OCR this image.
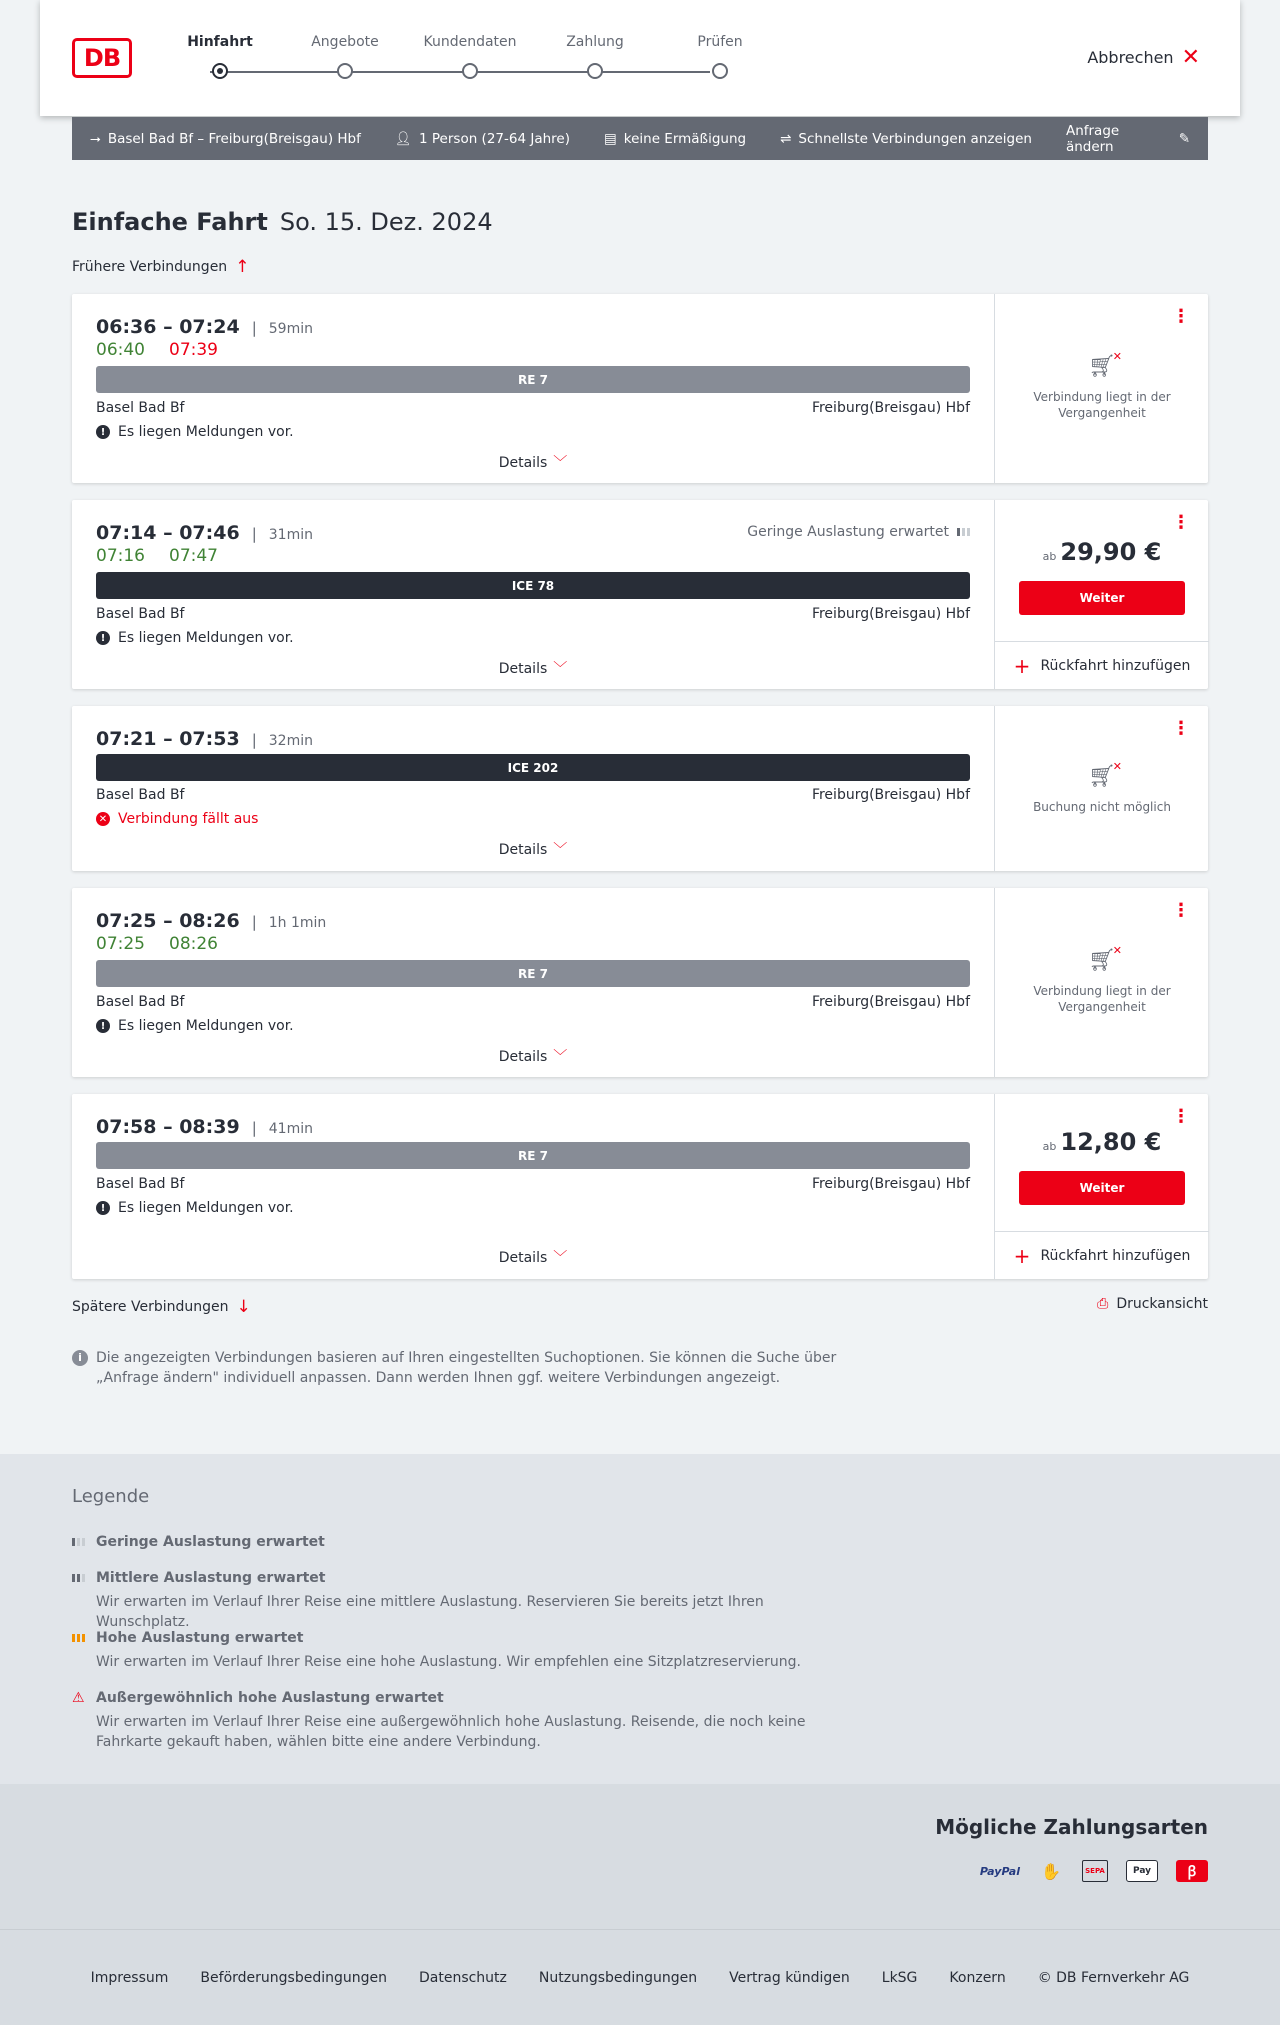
DB
Hinfahrt	Angebote	Kundendaten	Zahlung	Prüfen
Abbrechen ✕
⭢ Basel Bad Bf – Freiburg(Breisgau) Hbf	👤︎ 1 Person (27-64 Jahre)	▤ keine Ermäßigung	⇌ Schnellste Verbindungen anzeigen	Anfrage ändern	✎
Einfache Fahrt So. 15. Dez. 2024
Frühere Verbindungen ↑
06:36 – 07:24 | 59min
06:40 07:39
RE 7
Basel Bad Bf	Freiburg(Breisgau) Hbf
! Es liegen Meldungen vor.
Details ﹀
⋮
🛒︎
✕
Verbindung liegt in der Vergangenheit
07:14 – 07:46 | 31min	Geringe Auslastung erwartet
07:16 07:47
ICE 78
Basel Bad Bf	Freiburg(Breisgau) Hbf
! Es liegen Meldungen vor.
Details ﹀
⋮
ab 29,90 €
Weiter
+ Rückfahrt hinzufügen
07:21 – 07:53 | 32min
ICE 202
Basel Bad Bf	Freiburg(Breisgau) Hbf
✕ Verbindung fällt aus
Details ﹀
⋮
🛒︎
✕
Buchung nicht möglich
07:25 – 08:26 | 1h 1min
07:25 08:26
RE 7
Basel Bad Bf	Freiburg(Breisgau) Hbf
! Es liegen Meldungen vor.
Details ﹀
⋮
🛒︎
✕
Verbindung liegt in der Vergangenheit
07:58 – 08:39 | 41min
RE 7
Basel Bad Bf	Freiburg(Breisgau) Hbf
! Es liegen Meldungen vor.
Details ﹀
⋮
ab 12,80 €
Weiter
+ Rückfahrt hinzufügen
Spätere Verbindungen ↓	⎙ Druckansicht
i	Die angezeigten Verbindungen basieren auf Ihren eingestellten Suchoptionen. Sie können die Suche über „Anfrage ändern" individuell anpassen. Dann werden Ihnen ggf. weitere Verbindungen angezeigt.
Legende
Geringe Auslastung erwartet
Mittlere Auslastung erwartet
Wir erwarten im Verlauf Ihrer Reise eine mittlere Auslastung. Reservieren Sie bereits jetzt Ihren Wunschplatz.
Hohe Auslastung erwartet
Wir erwarten im Verlauf Ihrer Reise eine hohe Auslastung. Wir empfehlen eine Sitzplatzreservierung.
⚠ Außergewöhnlich hohe Auslastung erwartet
Wir erwarten im Verlauf Ihrer Reise eine außergewöhnlich hohe Auslastung. Reisende, die noch keine Fahrkarte gekauft haben, wählen bitte eine andere Verbindung.
Mögliche Zahlungsarten
PayPal ✋	SEPA	Pay	ꞵ
Impressum Beförderungsbedingungen Datenschutz Nutzungsbedingungen Vertrag kündigen LkSG Konzern © DB Fernverkehr AG
